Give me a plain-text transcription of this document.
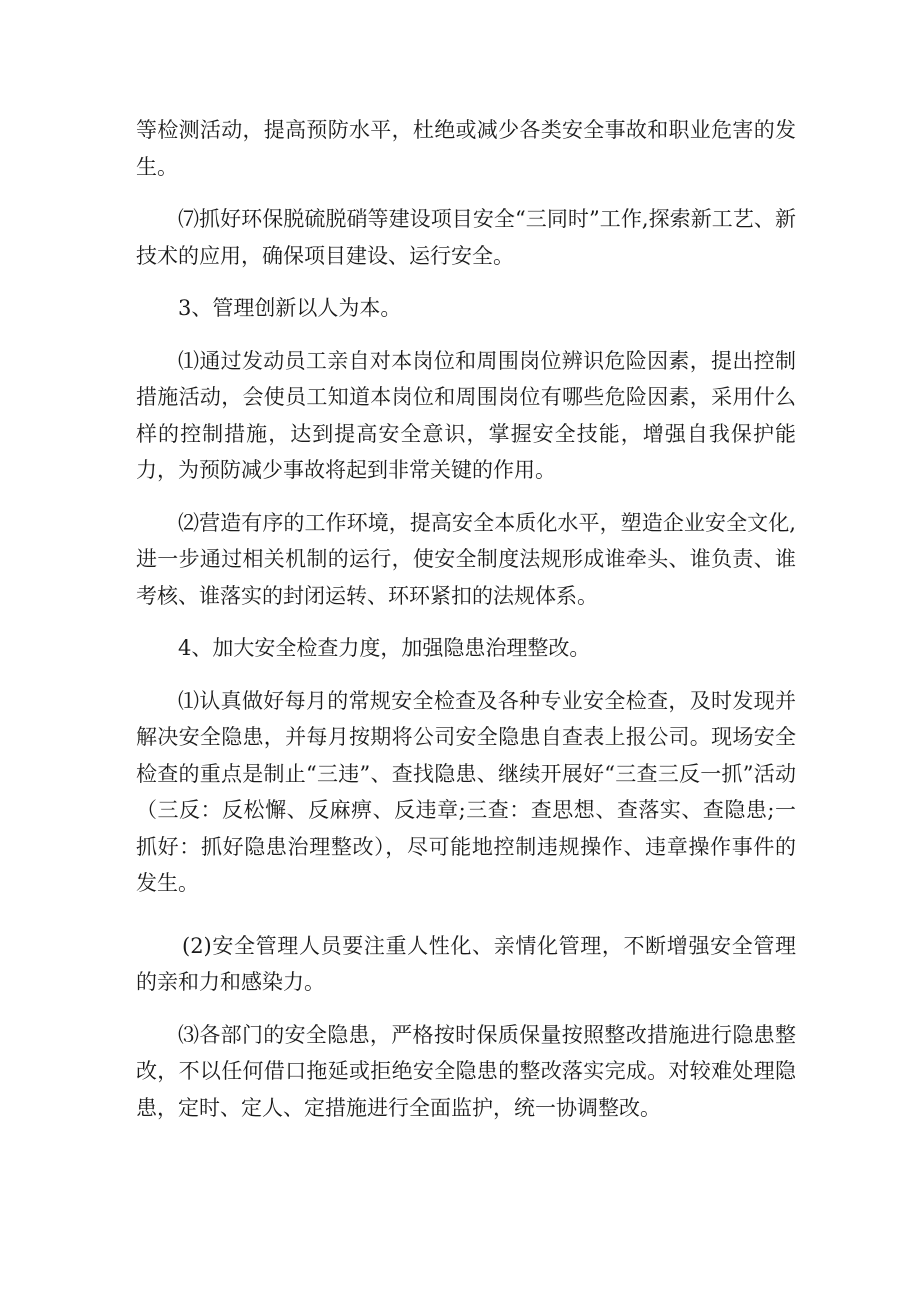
等检测活动，提高预防水平，杜绝或减少各类安全事故和职业危害的发生。

⑺抓好环保脱硫脱硝等建设项目安全“三同时”工作,探索新工艺、新技术的应用，确保项目建设、运行安全。

3、管理创新以人为本。

⑴通过发动员工亲自对本岗位和周围岗位辨识危险因素，提出控制措施活动，会使员工知道本岗位和周围岗位有哪些危险因素，采用什么样的控制措施，达到提高安全意识，掌握安全技能，增强自我保护能力，为预防减少事故将起到非常关键的作用。

⑵营造有序的工作环境，提高安全本质化水平，塑造企业安全文化,进一步通过相关机制的运行，使安全制度法规形成谁牵头、谁负责、谁考核、谁落实的封闭运转、环环紧扣的法规体系。

4、加大安全检查力度，加强隐患治理整改。

⑴认真做好每月的常规安全检查及各种专业安全检查，及时发现并解决安全隐患，并每月按期将公司安全隐患自查表上报公司。现场安全检查的重点是制止“三违”、查找隐患、继续开展好“三查三反一抓”活动（三反：反松懈、反麻痹、反违章;三查：查思想、查落实、查隐患;一抓好：抓好隐患治理整改），尽可能地控制违规操作、违章操作事件的发生。

(2)安全管理人员要注重人性化、亲情化管理，不断增强安全管理的亲和力和感染力。

⑶各部门的安全隐患，严格按时保质保量按照整改措施进行隐患整改，不以任何借口拖延或拒绝安全隐患的整改落实完成。对较难处理隐患，定时、定人、定措施进行全面监护，统一协调整改。
